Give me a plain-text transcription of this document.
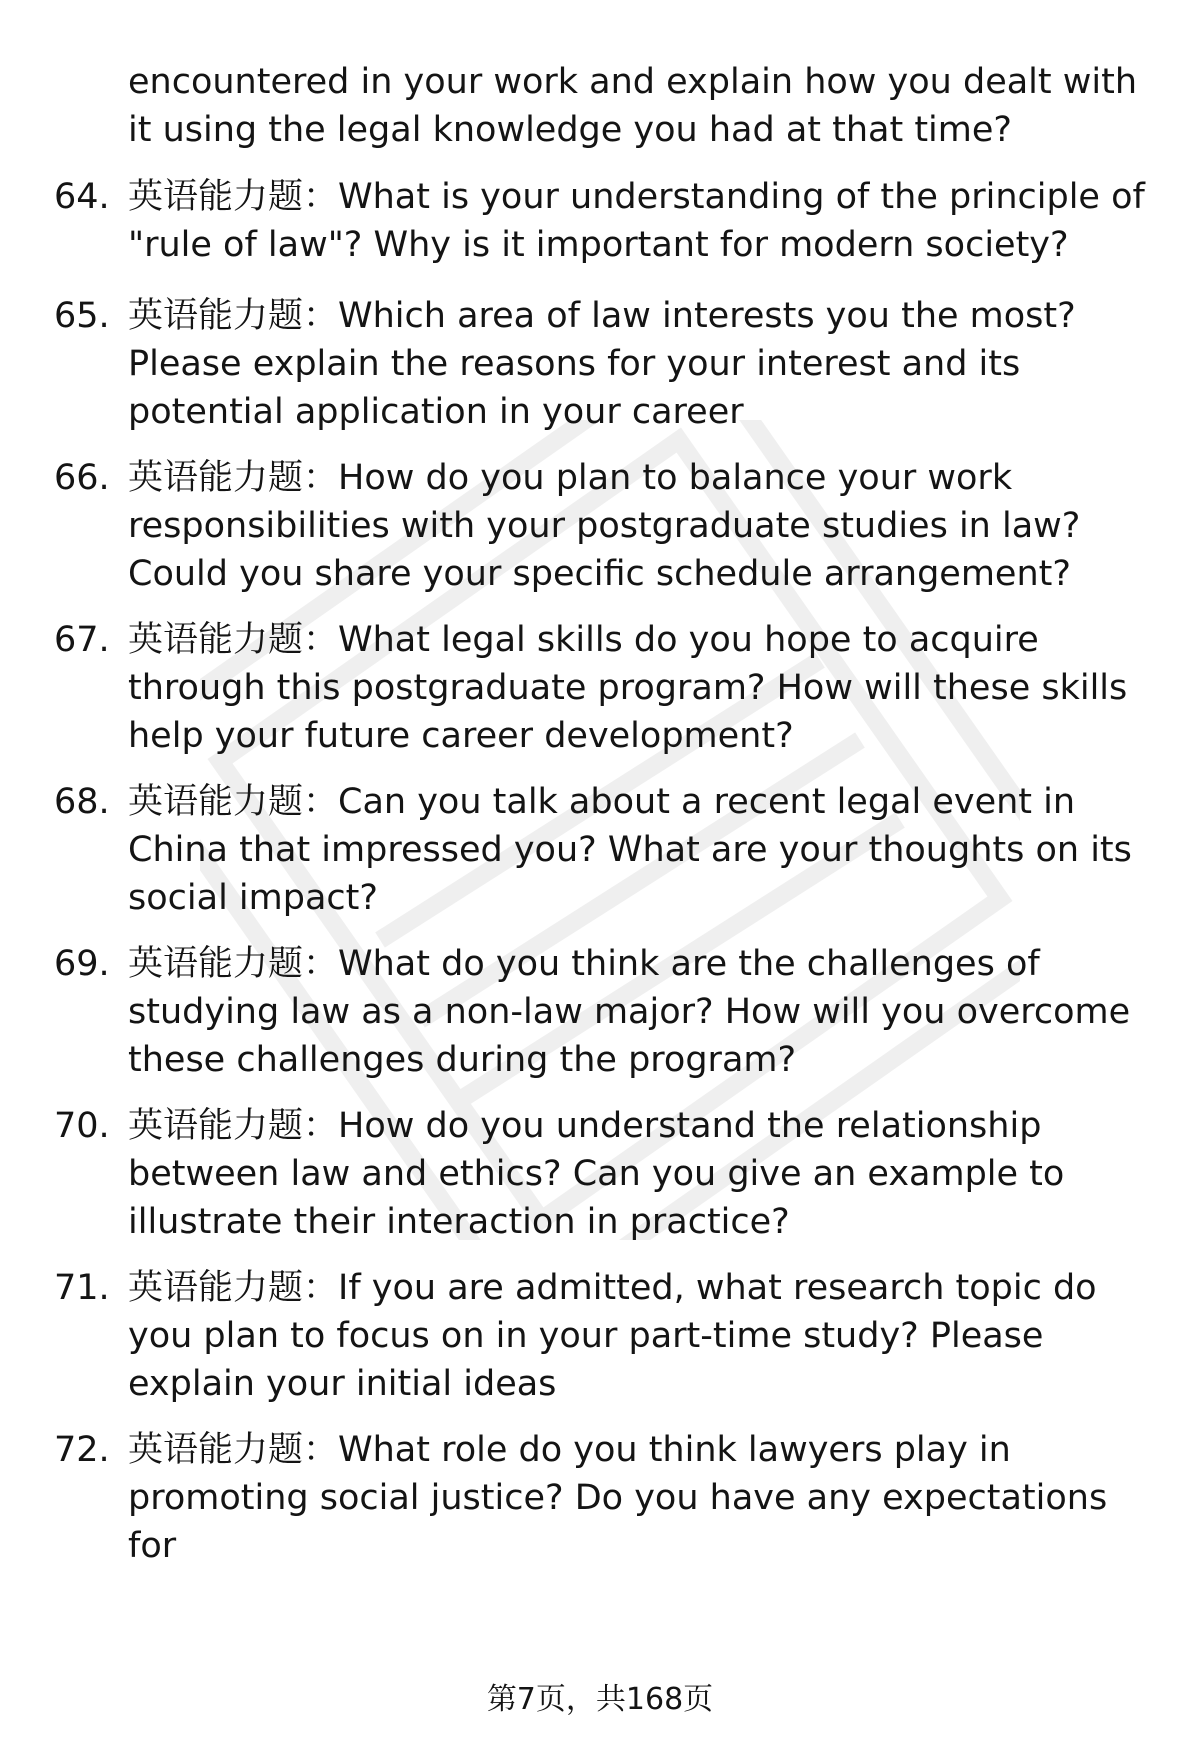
encountered in your work and explain how you dealt with it using the legal knowledge you had at that time?
64. 英语能力题：What is your understanding of the principle of "rule of law"? Why is it important for modern society?
65. 英语能力题：Which area of law interests you the most? Please explain the reasons for your interest and its potential application in your career
66. 英语能力题：How do you plan to balance your work responsibilities with your postgraduate studies in law? Could you share your specific schedule arrangement?
67. 英语能力题：What legal skills do you hope to acquire through this postgraduate program? How will these skills help your future career development?
68. 英语能力题：Can you talk about a recent legal event in China that impressed you? What are your thoughts on its social impact?
69. 英语能力题：What do you think are the challenges of studying law as a non-law major? How will you overcome these challenges during the program?
70. 英语能力题：How do you understand the relationship between law and ethics? Can you give an example to illustrate their interaction in practice?
71. 英语能力题：If you are admitted, what research topic do you plan to focus on in your part-time study? Please explain your initial ideas
72. 英语能力题：What role do you think lawyers play in promoting social justice? Do you have any expectations for
第7页，共168页
